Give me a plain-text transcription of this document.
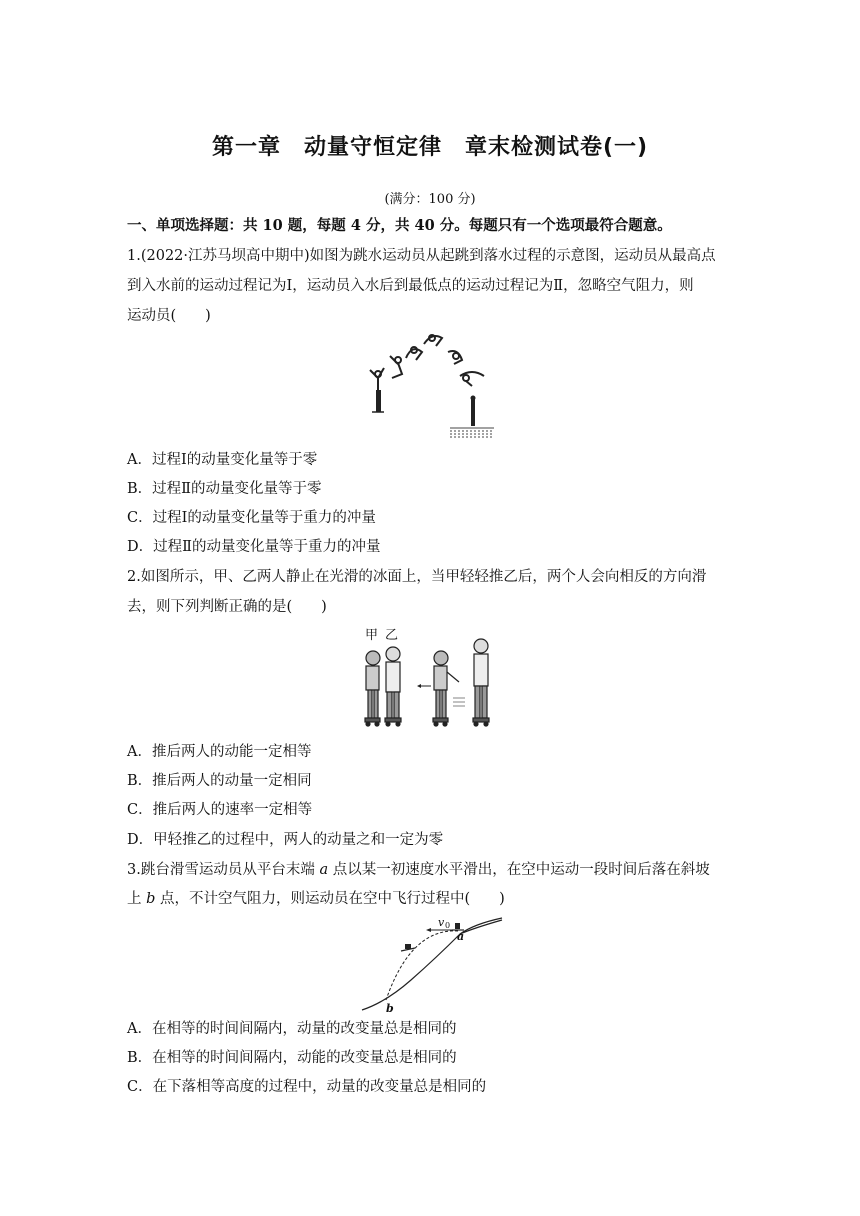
第一章　动量守恒定律　章末检测试卷(一)
(满分：100 分)
一、单项选择题：共 10 题，每题 4 分，共 40 分。每题只有一个选项最符合题意。
1.(2022·江苏马坝高中期中)如图为跳水运动员从起跳到落水过程的示意图，运动员从最高点
到入水前的运动过程记为Ⅰ，运动员入水后到最低点的运动过程记为Ⅱ，忽略空气阻力，则
运动员(　　)
A．过程Ⅰ的动量变化量等于零
B．过程Ⅱ的动量变化量等于零
C．过程Ⅰ的动量变化量等于重力的冲量
D．过程Ⅱ的动量变化量等于重力的冲量
2.如图所示，甲、乙两人静止在光滑的冰面上，当甲轻轻推乙后，两个人会向相反的方向滑
去，则下列判断正确的是(　　)
甲 乙
A．推后两人的动能一定相等
B．推后两人的动量一定相同
C．推后两人的速率一定相等
D．甲轻推乙的过程中，两人的动量之和一定为零
3.跳台滑雪运动员从平台末端 a 点以某一初速度水平滑出，在空中运动一段时间后落在斜坡
上 b 点，不计空气阻力，则运动员在空中飞行过程中(　　)
v 0
a
b
A．在相等的时间间隔内，动量的改变量总是相同的
B．在相等的时间间隔内，动能的改变量总是相同的
C．在下落相等高度的过程中，动量的改变量总是相同的
